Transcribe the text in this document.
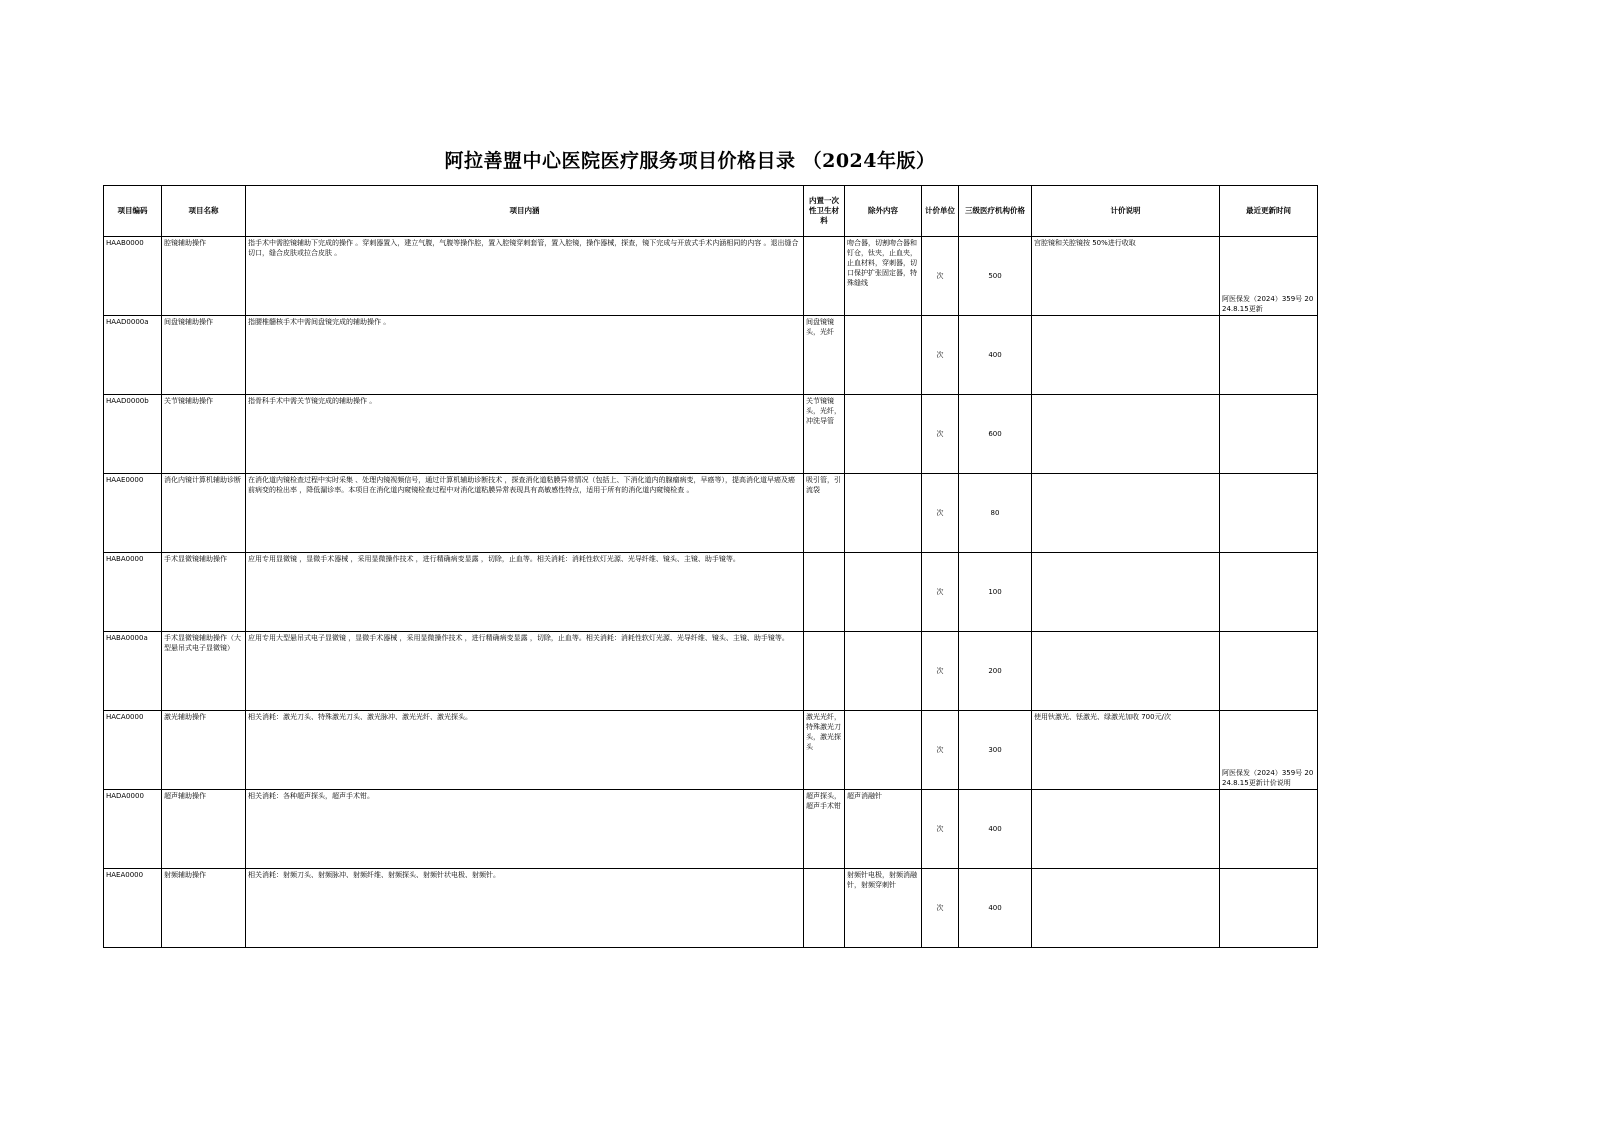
阿拉善盟中心医院医疗服务项目价格目录 （2024年版）
项目编码	项目名称	项目内涵	内置一次性卫生材料	除外内容	计价单位	三级医疗机构价格	计价说明	最近更新时间
HAAB0000	腔镜辅助操作	指手术中需腔镜辅助下完成的操作 。穿刺器置入，建立气腹，气腹等操作腔，置入腔镜穿刺套管，置入腔镜，操作器械，探查，镜下完成与开放式手术内涵相同的内容 。退出缝合切口，缝合皮肤或拉合皮肤 。		吻合器，切割吻合器和钉仓，钛夹，止血夹，止血材料，穿刺器，切口保护扩张固定器，特殊缝线	次	500	宫腔镜和关腔镜按 50%进行收取	阿医保发（2024）359号 2024.8.15更新
HAAD0000a	间盘镜辅助操作	指腰椎髓核手术中需间盘镜完成的辅助操作 。	间盘镜镜头，光纤		次	400		
HAAD0000b	关节镜辅助操作	指骨科手术中需关节镜完成的辅助操作 。	关节镜镜头，光纤，冲洗导管		次	600		
HAAE0000	消化内镜计算机辅助诊断	在消化道内镜检查过程中实时采集 、处理内镜视频信号，通过计算机辅助诊断技术 ，探查消化道粘膜异常情况（包括上、下消化道内的腺瘤病变，早癌等），提高消化道早癌及癌前病变的检出率 ，降低漏诊率。本项目在消化道内窥镜检查过程中对消化道粘膜异常表现具有高敏感性特点，适用于所有的消化道内窥镜检查 。	吸引管，引流袋		次	80		
HABA0000	手术显微镜辅助操作	应用专用显微镜 ，显微手术器械 ，采用显微操作技术 ，进行精确病变显露 ，切除，止血等。相关消耗：消耗性软灯光源、光导纤维、镜头、主镜、助手镜等。			次	100		
HABA0000a	手术显微镜辅助操作（大型悬吊式电子显微镜）	应用专用大型悬吊式电子显微镜 ，显微手术器械 ，采用显微操作技术 ，进行精确病变显露 ，切除，止血等。相关消耗：消耗性软灯光源、光导纤维、镜头、主镜、助手镜等。			次	200		
HACA0000	激光辅助操作	相关消耗：激光刀头、特殊激光刀头、激光脉冲、激光光纤、激光探头。	激光光纤，特殊激光刀头，激光探头		次	300	使用钬激光、铥激光、绿激光加收 700元/次	阿医保发（2024）359号 2024.8.15更新计价说明
HADA0000	超声辅助操作	相关消耗：各种超声探头，超声手术钳。	超声探头，超声手术钳	超声消融针	次	400		
HAEA0000	射频辅助操作	相关消耗：射频刀头、射频脉冲、射频纤维、射频探头、射频针状电极、射频针。		射频针电极，射频消融针，射频穿刺针	次	400		
